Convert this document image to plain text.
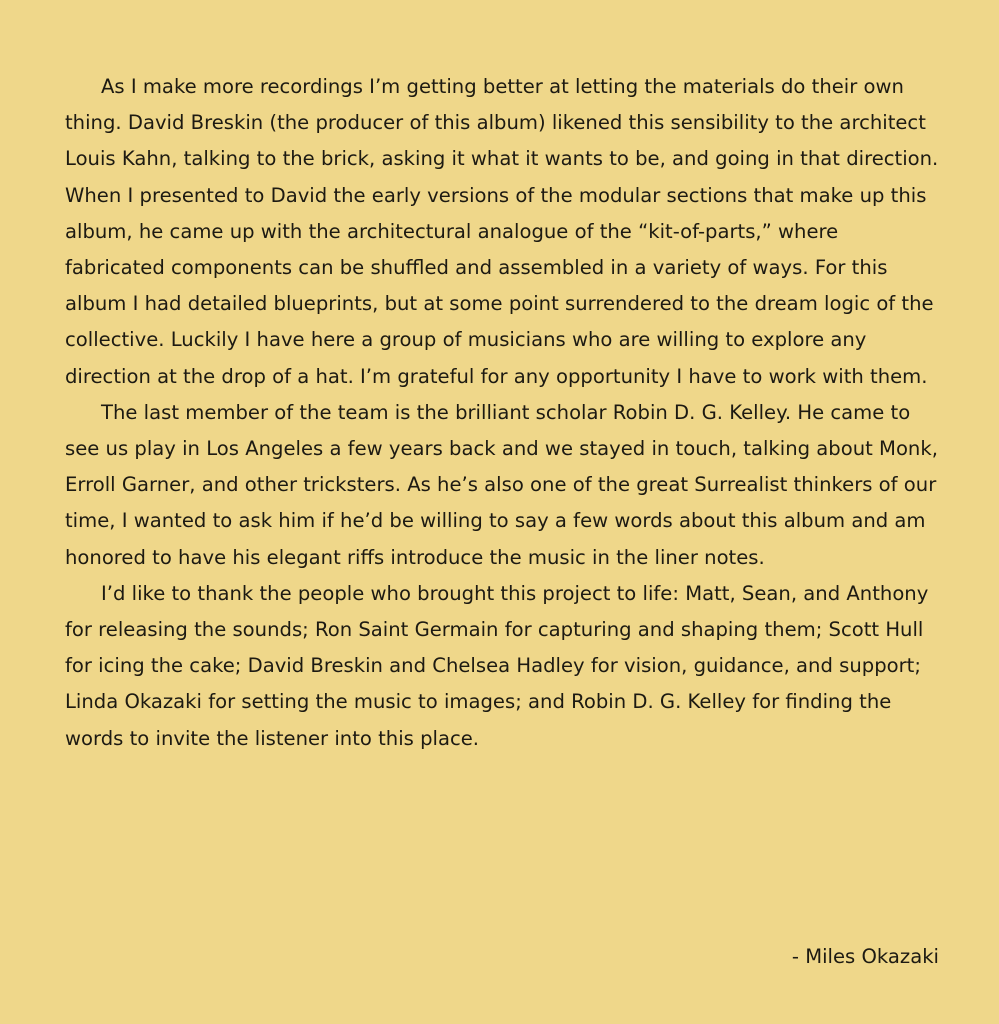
As I make more recordings I’m getting better at letting the materials do their own thing. David Breskin (the producer of this album) likened this sensibility to the architect Louis Kahn, talking to the brick, asking it what it wants to be, and going in that direction. When I presented to David the early versions of the modular sections that make up this album, he came up with the architectural analogue of the “kit-of-parts,” where fabricated components can be shuffled and assembled in a variety of ways. For this album I had detailed blueprints, but at some point surrendered to the dream logic of the collective. Luckily I have here a group of musicians who are willing to explore any direction at the drop of a hat. I’m grateful for any opportunity I have to work with them.

The last member of the team is the brilliant scholar Robin D. G. Kelley. He came to see us play in Los Angeles a few years back and we stayed in touch, talking about Monk, Erroll Garner, and other tricksters. As he’s also one of the great Surrealist thinkers of our time, I wanted to ask him if he’d be willing to say a few words about this album and am honored to have his elegant riffs introduce the music in the liner notes.

I’d like to thank the people who brought this project to life: Matt, Sean, and Anthony for releasing the sounds; Ron Saint Germain for capturing and shaping them; Scott Hull for icing the cake; David Breskin and Chelsea Hadley for vision, guidance, and support; Linda Okazaki for setting the music to images; and Robin D. G. Kelley for finding the words to invite the listener into this place.

- Miles Okazaki
